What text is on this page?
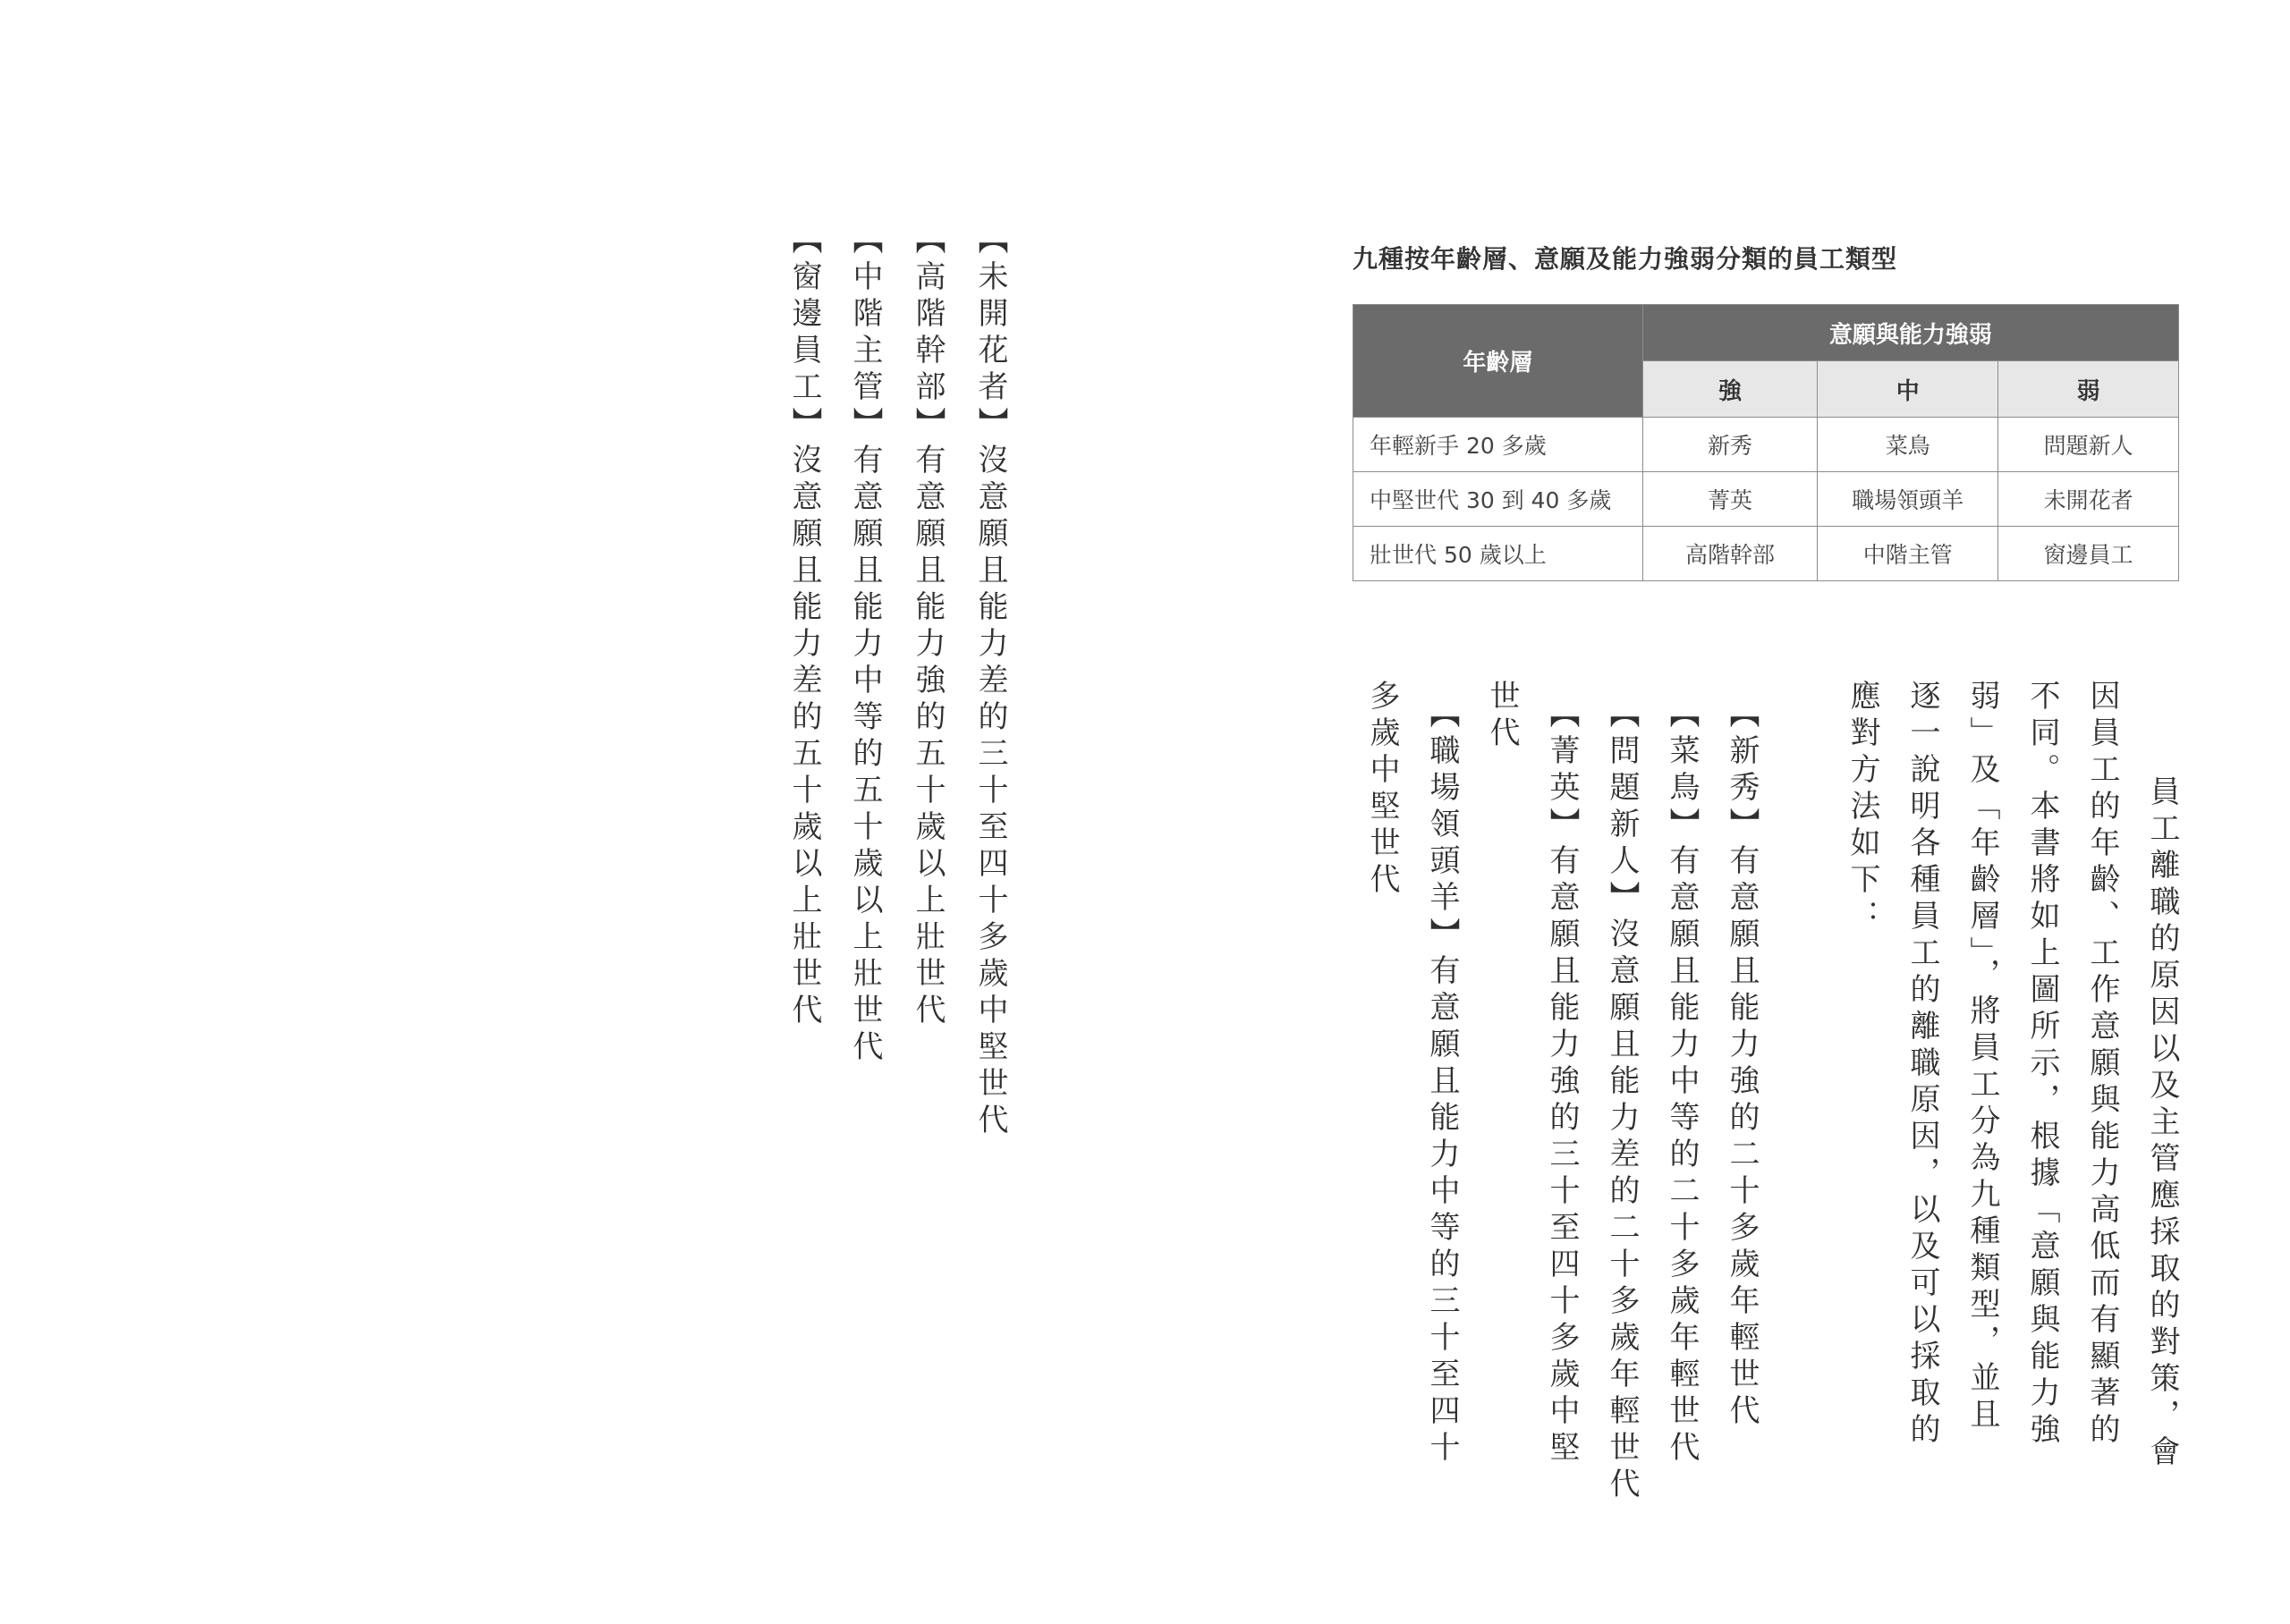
【未開花者】沒意願且能力差的三十至四十多歲中堅世代

【高階幹部】有意願且能力強的五十歲以上壯世代

【中階主管】有意願且能力中等的五十歲以上壯世代

【窗邊員工】沒意願且能力差的五十歲以上壯世代	九種按年齡層、意願及能力強弱分類的員工類型
年齡層	意願與能力強弱		
	強	中	弱
年輕新手 20 多歲	新秀	菜鳥	問題新人
中堅世代 30 到 40 多歲	菁英	職場領頭羊	未開花者
壯世代 50 歲以上	高階幹部	中階主管	窗邊員工

　員工離職的原因以及主管應採取的對策，會

因員工的年齡、工作意願與能力高低而有顯著的

不同。本書將如上圖所示，根據「意願與能力強

弱」及「年齡層」，將員工分為九種類型，並且

逐一說明各種員工的離職原因，以及可以採取的

應對方法如下：

【新秀】有意願且能力強的二十多歲年輕世代

【菜鳥】有意願且能力中等的二十多歲年輕世代

【問題新人】沒意願且能力差的二十多歲年輕世代

【菁英】有意願且能力強的三十至四十多歲中堅

世代

【職場領頭羊】有意願且能力中等的三十至四十

多歲中堅世代
